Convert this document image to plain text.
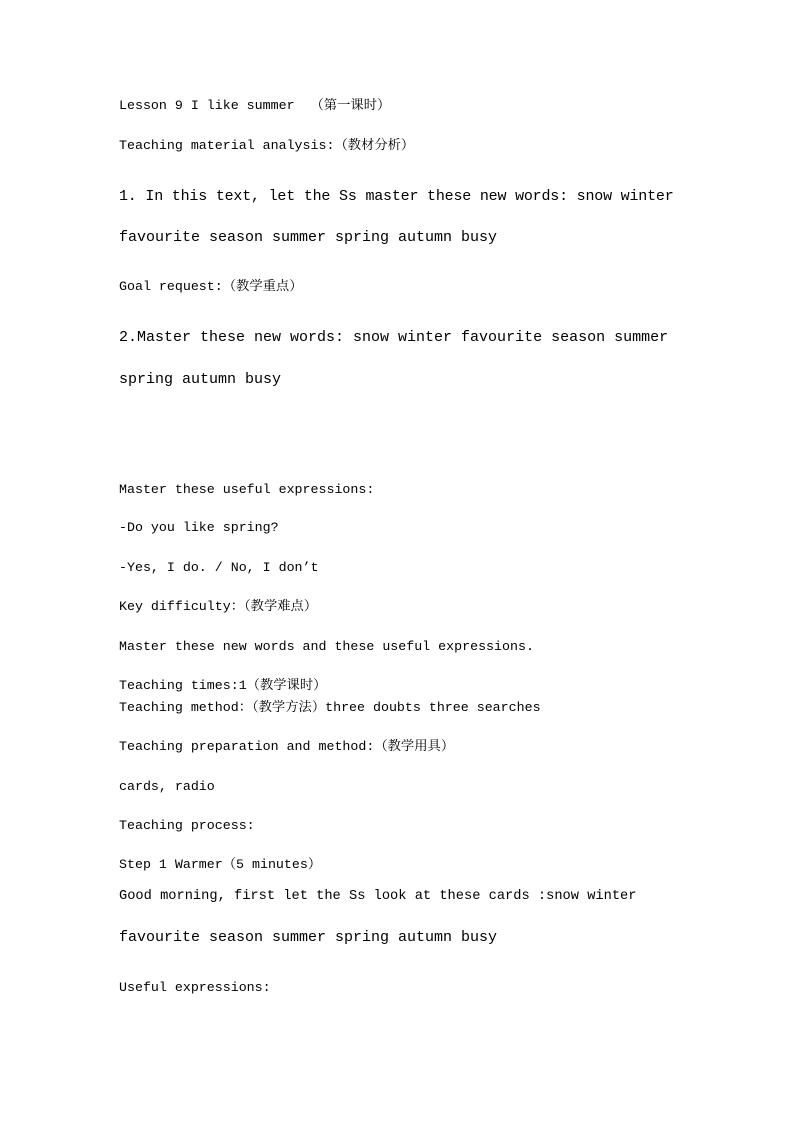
Lesson 9 I like summer  （第一课时）
Teaching material analysis:（教材分析）
1. In this text, let the Ss master these new words: snow winter
favourite season summer spring autumn busy
Goal request:（教学重点）
2.Master these new words: snow winter favourite season summer
spring autumn busy
Master these useful expressions:
-Do you like spring?
-Yes, I do. / No, I don’t
Key difficulty：（教学难点）
Master these new words and these useful expressions.
Teaching times:1（教学课时）
Teaching method：（教学方法）three doubts three searches
Teaching preparation and method:（教学用具）
cards, radio
Teaching process:
Step 1 Warmer（5 minutes）
Good morning, first let the Ss look at these cards :snow winter
favourite season summer spring autumn busy
Useful expressions:
